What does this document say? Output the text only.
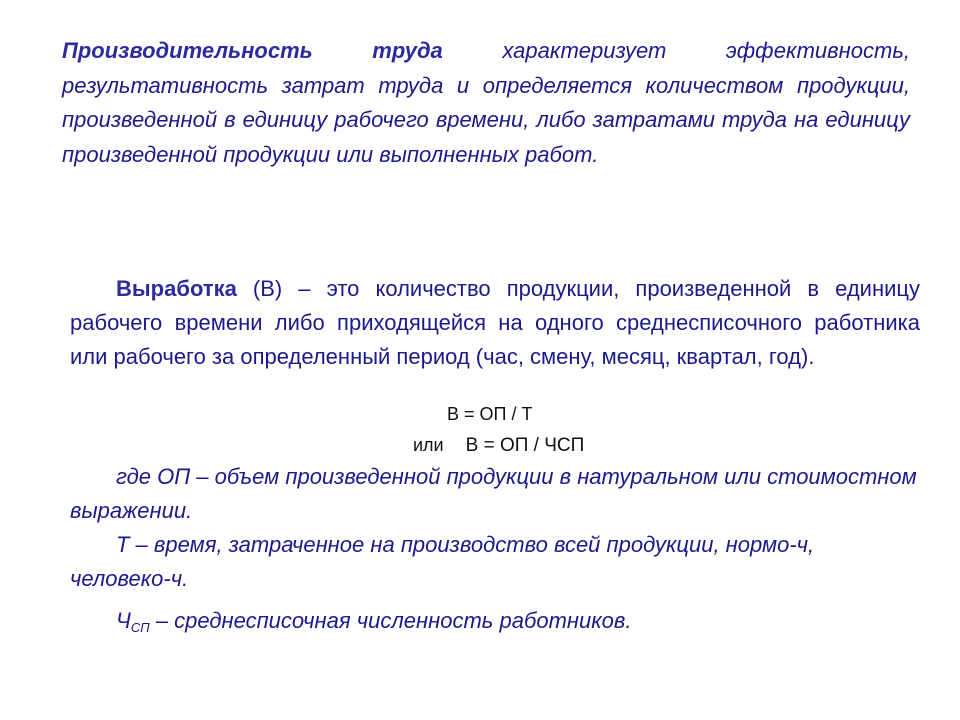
Производительность труда характеризует эффективность, результативность затрат труда и определяется количеством продукции, произведенной в единицу рабочего времени, либо затратами труда на единицу произведенной продукции или выполненных работ.
Выработка (В) – это количество продукции, произведенной в единицу рабочего времени либо приходящейся на одного среднесписочного работника или рабочего за определенный период (час, смену, месяц, квартал, год).
В = ОП / Т
или В = ОП / ЧСП

где ОП – объем произведенной продукции в натуральном или стоимостном выражении.

Т – время, затраченное на производство всей продукции, нормо-ч, человеко-ч.

$Ч_{СП}$ – среднесписочная численность работников.
